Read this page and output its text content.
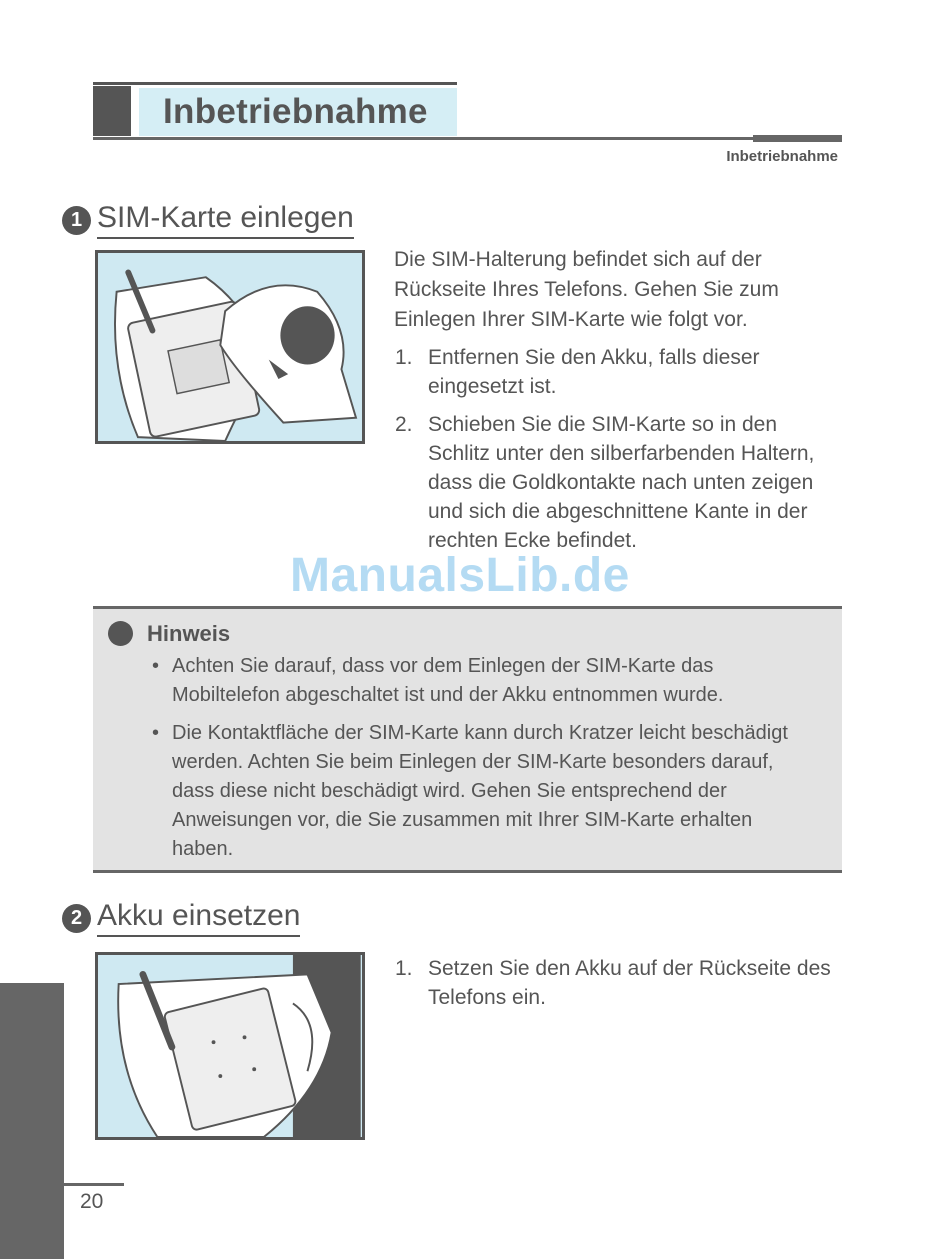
Inbetriebnahme
Inbetriebnahme
1 SIM-Karte einlegen
Die SIM-Halterung befindet sich auf der Rückseite Ihres Telefons. Gehen Sie zum Einlegen Ihrer SIM-Karte wie folgt vor.
1. Entfernen Sie den Akku, falls dieser eingesetzt ist.
2. Schieben Sie die SIM-Karte so in den Schlitz unter den silberfarbenden Haltern, dass die Goldkontakte nach unten zeigen und sich die abgeschnittene Kante in der rechten Ecke befindet.
Hinweis
• Achten Sie darauf, dass vor dem Einlegen der SIM-Karte das Mobiltelefon abgeschaltet ist und der Akku entnommen wurde.
• Die Kontaktfläche der SIM-Karte kann durch Kratzer leicht beschädigt werden. Achten Sie beim Einlegen der SIM-Karte besonders darauf, dass diese nicht beschädigt wird. Gehen Sie entsprechend der Anweisungen vor, die Sie zusammen mit Ihrer SIM-Karte erhalten haben.
ManualsLib.de
2 Akku einsetzen
1. Setzen Sie den Akku auf der Rückseite des Telefons ein.
20
